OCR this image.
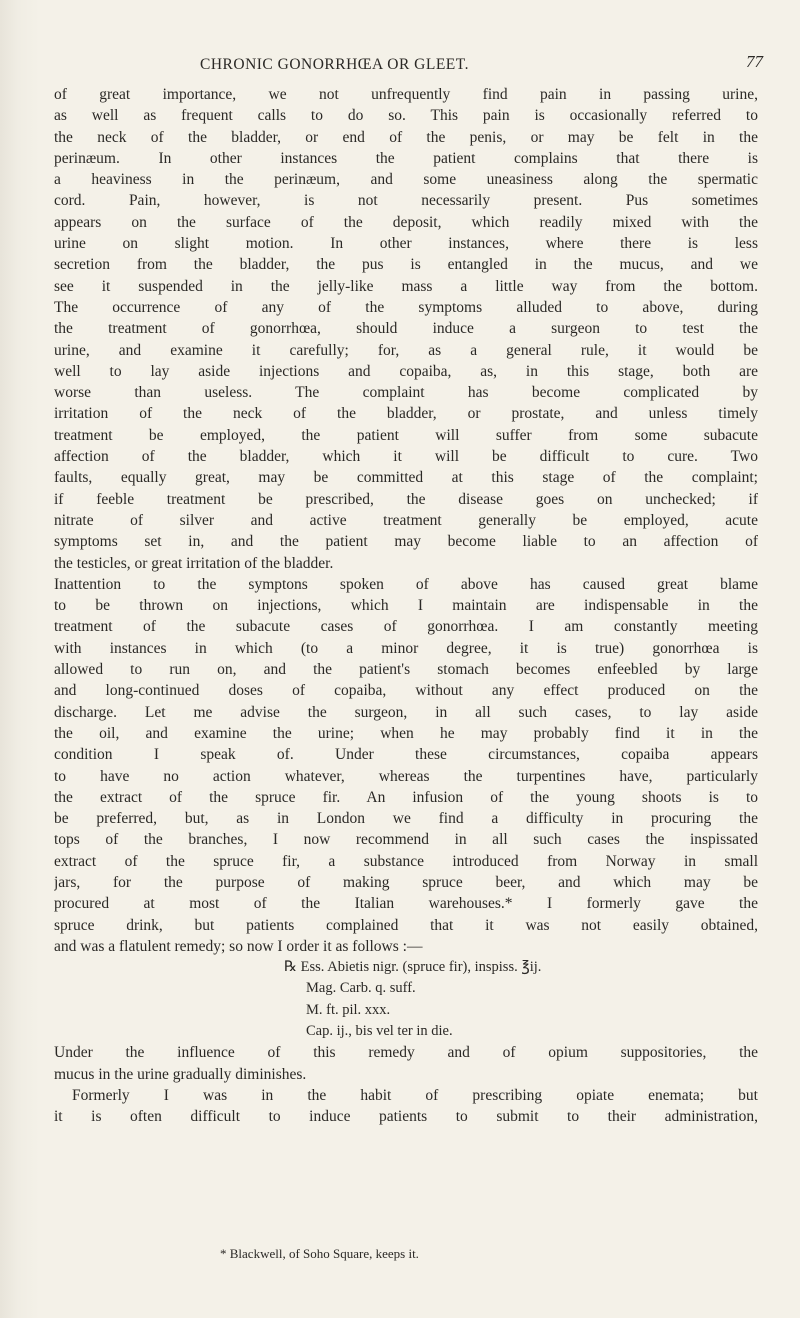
CHRONIC GONORRHŒA OR GLEET.	77
of great importance, we not unfrequently find pain in passing urine,
as well as frequent calls to do so. This pain is occasionally referred to
the neck of the bladder, or end of the penis, or may be felt in the
perinæum. In other instances the patient complains that there is
a heaviness in the perinæum, and some uneasiness along the spermatic
cord. Pain, however, is not necessarily present. Pus sometimes
appears on the surface of the deposit, which readily mixed with the
urine on slight motion. In other instances, where there is less
secretion from the bladder, the pus is entangled in the mucus, and we
see it suspended in the jelly-like mass a little way from the bottom.
The occurrence of any of the symptoms alluded to above, during
the treatment of gonorrhœa, should induce a surgeon to test the
urine, and examine it carefully; for, as a general rule, it would be
well to lay aside injections and copaiba, as, in this stage, both are
worse than useless. The complaint has become complicated by
irritation of the neck of the bladder, or prostate, and unless timely
treatment be employed, the patient will suffer from some subacute
affection of the bladder, which it will be difficult to cure. Two
faults, equally great, may be committed at this stage of the complaint;
if feeble treatment be prescribed, the disease goes on unchecked; if
nitrate of silver and active treatment generally be employed, acute
symptoms set in, and the patient may become liable to an affection of
the testicles, or great irritation of the bladder.
Inattention to the symptons spoken of above has caused great blame
to be thrown on injections, which I maintain are indispensable in the
treatment of the subacute cases of gonorrhœa. I am constantly meeting
with instances in which (to a minor degree, it is true) gonorrhœa is
allowed to run on, and the patient's stomach becomes enfeebled by large
and long-continued doses of copaiba, without any effect produced on the
discharge. Let me advise the surgeon, in all such cases, to lay aside
the oil, and examine the urine; when he may probably find it in the
condition I speak of. Under these circumstances, copaiba appears
to have no action whatever, whereas the turpentines have, particularly
the extract of the spruce fir. An infusion of the young shoots is to
be preferred, but, as in London we find a difficulty in procuring the
tops of the branches, I now recommend in all such cases the inspissated
extract of the spruce fir, a substance introduced from Norway in small
jars, for the purpose of making spruce beer, and which may be
procured at most of the Italian warehouses.* I formerly gave the
spruce drink, but patients complained that it was not easily obtained,
and was a flatulent remedy; so now I order it as follows :—
℞ Ess. Abietis nigr. (spruce fir), inspiss. ℥ij.
Mag. Carb. q. suff.
M. ft. pil. xxx.
Cap. ij., bis vel ter in die.
Under the influence of this remedy and of opium suppositories, the
mucus in the urine gradually diminishes.
Formerly I was in the habit of prescribing opiate enemata; but
it is often difficult to induce patients to submit to their administration,
* Blackwell, of Soho Square, keeps it.
